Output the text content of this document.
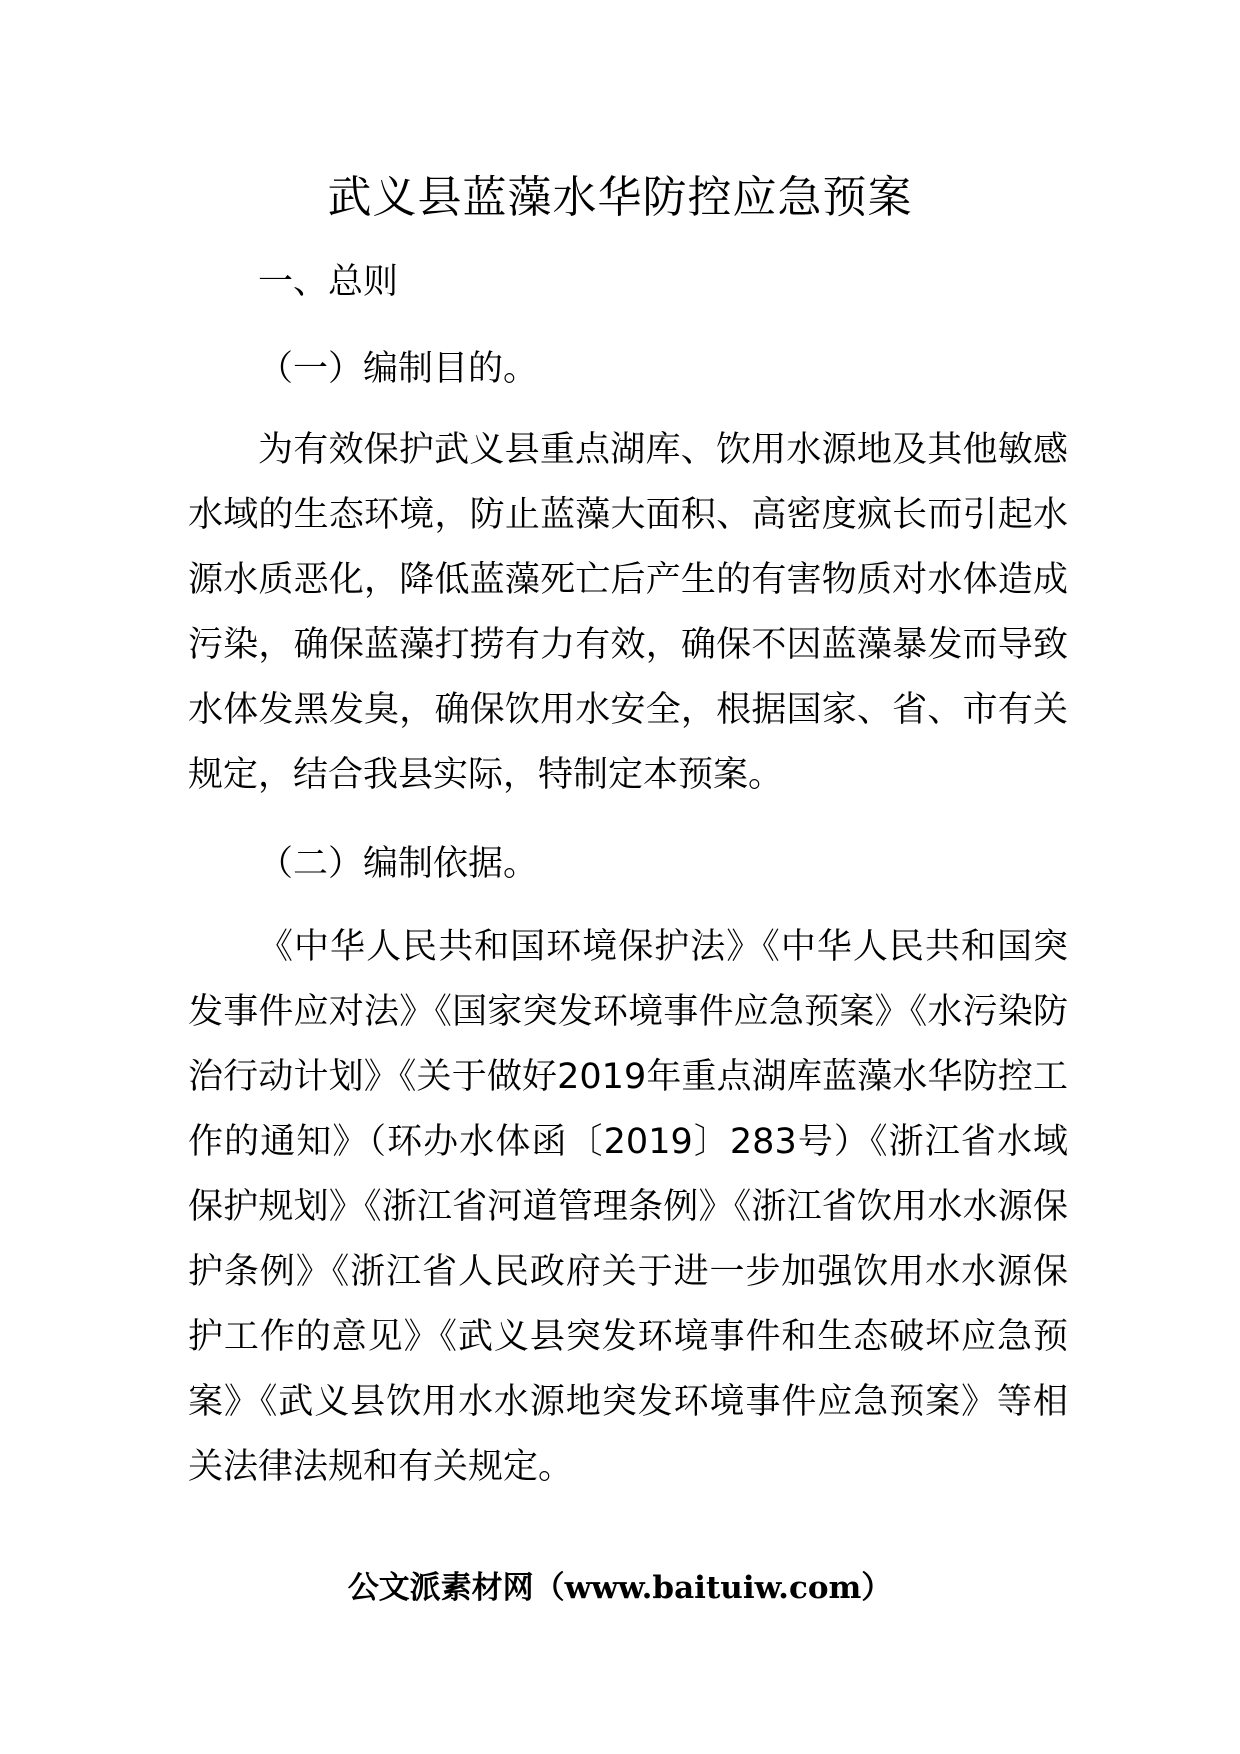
武义县蓝藻水华防控应急预案

一、总则

（一）编制目的。

为有效保护武义县重点湖库、饮用水源地及其他敏感水域的生态环境，防止蓝藻大面积、高密度疯长而引起水源水质恶化，降低蓝藻死亡后产生的有害物质对水体造成污染，确保蓝藻打捞有力有效，确保不因蓝藻暴发而导致水体发黑发臭，确保饮用水安全，根据国家、省、市有关规定，结合我县实际，特制定本预案。

（二）编制依据。

《中华人民共和国环境保护法》《中华人民共和国突发事件应对法》《国家突发环境事件应急预案》《水污染防治行动计划》《关于做好2019年重点湖库蓝藻水华防控工作的通知》（环办水体函〔2019〕283号）《浙江省水域保护规划》《浙江省河道管理条例》《浙江省饮用水水源保护条例》《浙江省人民政府关于进一步加强饮用水水源保护工作的意见》《武义县突发环境事件和生态破坏应急预案》《武义县饮用水水源地突发环境事件应急预案》等相关法律法规和有关规定。

公文派素材网（www.baituiw.com）
